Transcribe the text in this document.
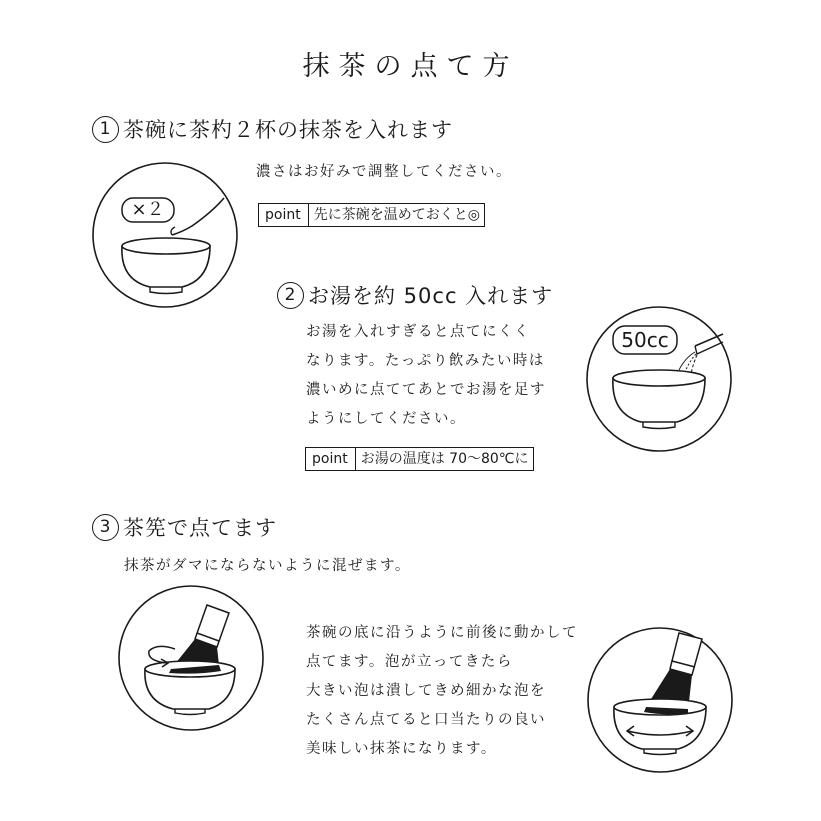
抹茶の点て方
1 茶碗に茶杓２杯の抹茶を入れます
濃さはお好みで調整してください。
point 先に茶碗を温めておくと◎
×２
2 お湯を約 50cc 入れます
お湯を入れすぎると点てにくく
なります。たっぷり飲みたい時は
濃いめに点ててあとでお湯を足す
ようにしてください。
point お湯の温度は 70〜80℃に
50cc
3 茶筅で点てます
抹茶がダマにならないように混ぜます。
茶碗の底に沿うように前後に動かして
点てます。泡が立ってきたら
大きい泡は潰してきめ細かな泡を
たくさん点てると口当たりの良い
美味しい抹茶になります。
